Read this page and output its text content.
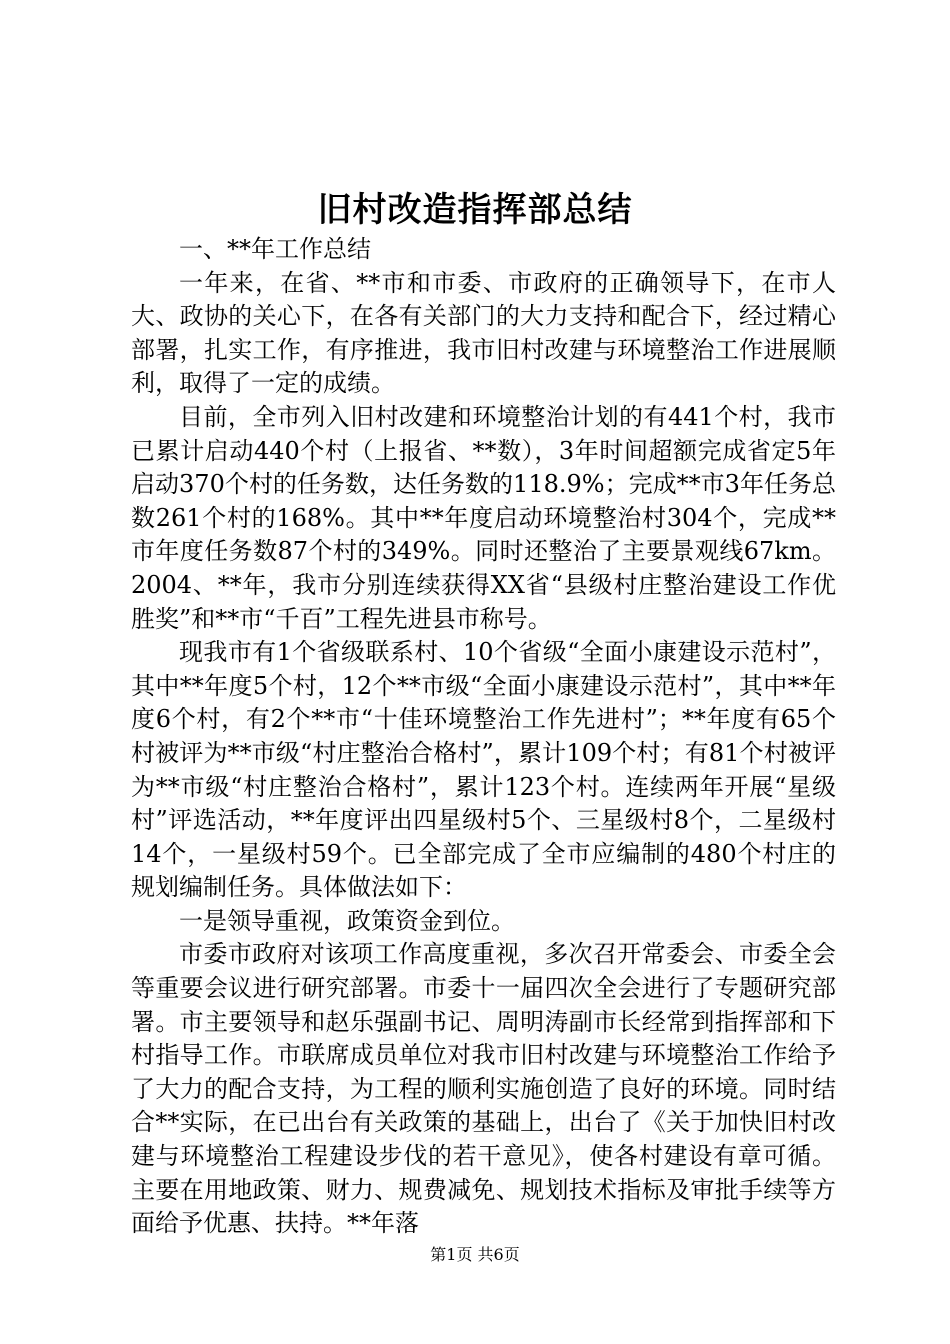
旧村改造指挥部总结

一、**年工作总结

一年来，在省、**市和市委、市政府的正确领导下，在市人大、政协的关心下，在各有关部门的大力支持和配合下，经过精心部署，扎实工作，有序推进，我市旧村改建与环境整治工作进展顺利，取得了一定的成绩。

目前，全市列入旧村改建和环境整治计划的有441个村，我市已累计启动440个村（上报省、**数），3年时间超额完成省定5年启动370个村的任务数，达任务数的118.9%；完成**市3年任务总数261个村的168%。其中**年度启动环境整治村304个，完成**市年度任务数87个村的349%。同时还整治了主要景观线67km。2004、**年，我市分别连续获得XX省“县级村庄整治建设工作优胜奖”和**市“千百”工程先进县市称号。

现我市有1个省级联系村、10个省级“全面小康建设示范村”，其中**年度5个村，12个**市级“全面小康建设示范村”，其中**年度6个村，有2个**市“十佳环境整治工作先进村”；**年度有65个村被评为**市级“村庄整治合格村”，累计109个村；有81个村被评为**市级“村庄整治合格村”，累计123个村。连续两年开展“星级村”评选活动，**年度评出四星级村5个、三星级村8个，二星级村14个，一星级村59个。已全部完成了全市应编制的480个村庄的规划编制任务。具体做法如下：

一是领导重视，政策资金到位。

市委市政府对该项工作高度重视，多次召开常委会、市委全会等重要会议进行研究部署。市委十一届四次全会进行了专题研究部署。市主要领导和赵乐强副书记、周明涛副市长经常到指挥部和下村指导工作。市联席成员单位对我市旧村改建与环境整治工作给予了大力的配合支持，为工程的顺利实施创造了良好的环境。同时结合**实际，在已出台有关政策的基础上，出台了《关于加快旧村改建与环境整治工程建设步伐的若干意见》，使各村建设有章可循。主要在用地政策、财力、规费减免、规划技术指标及审批手续等方面给予优惠、扶持。**年落

第1页 共6页
